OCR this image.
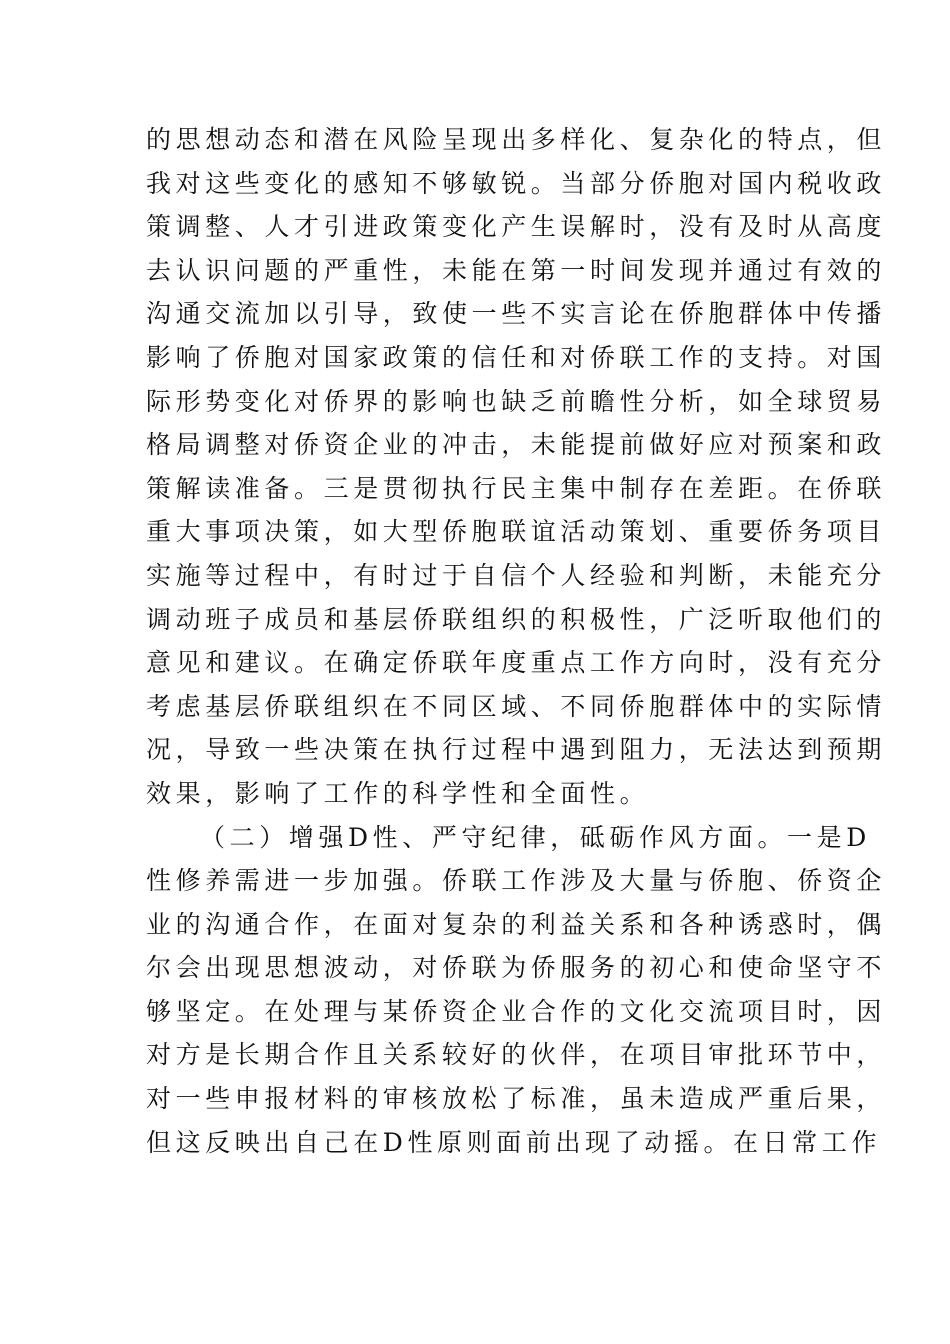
的思想动态和潜在风险呈现出多样化、复杂化的特点，但
我对这些变化的感知不够敏锐。当部分侨胞对国内税收政
策调整、人才引进政策变化产生误解时，没有及时从高度
去认识问题的严重性，未能在第一时间发现并通过有效的
沟通交流加以引导，致使一些不实言论在侨胞群体中传播
影响了侨胞对国家政策的信任和对侨联工作的支持。对国
际形势变化对侨界的影响也缺乏前瞻性分析，如全球贸易
格局调整对侨资企业的冲击，未能提前做好应对预案和政
策解读准备。三是贯彻执行民主集中制存在差距。在侨联
重大事项决策，如大型侨胞联谊活动策划、重要侨务项目
实施等过程中，有时过于自信个人经验和判断，未能充分
调动班子成员和基层侨联组织的积极性，广泛听取他们的
意见和建议。在确定侨联年度重点工作方向时，没有充分
考虑基层侨联组织在不同区域、不同侨胞群体中的实际情
况，导致一些决策在执行过程中遇到阻力，无法达到预期
效果，影响了工作的科学性和全面性。
（二）增强D性、严守纪律，砥砺作风方面。一是D
性修养需进一步加强。侨联工作涉及大量与侨胞、侨资企
业的沟通合作，在面对复杂的利益关系和各种诱惑时，偶
尔会出现思想波动，对侨联为侨服务的初心和使命坚守不
够坚定。在处理与某侨资企业合作的文化交流项目时，因
对方是长期合作且关系较好的伙伴，在项目审批环节中，
对一些申报材料的审核放松了标准，虽未造成严重后果，
但这反映出自己在D性原则面前出现了动摇。在日常工作
